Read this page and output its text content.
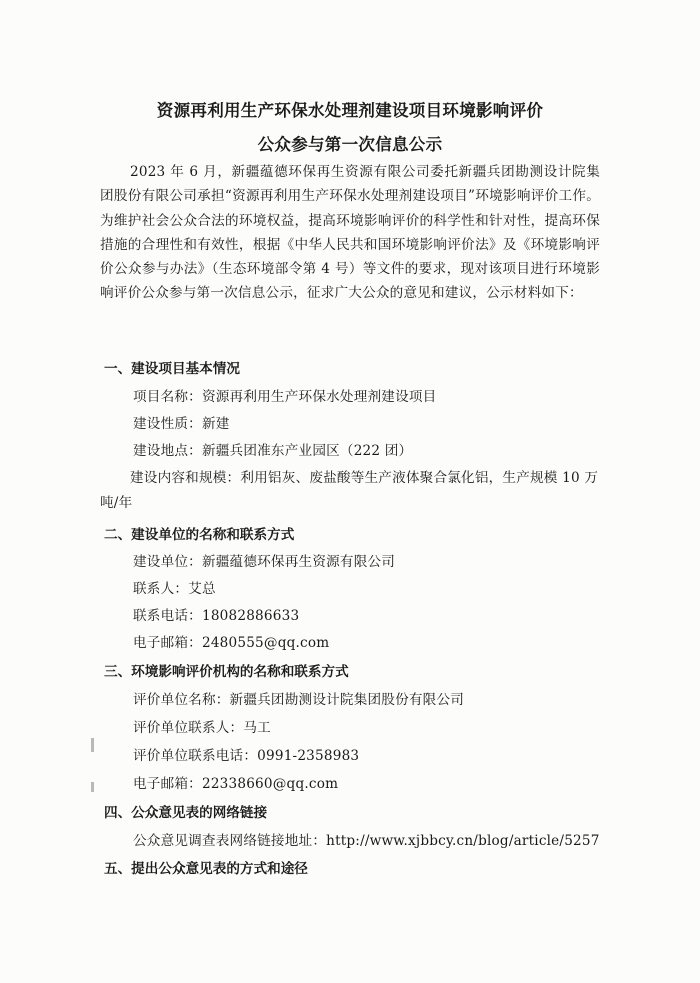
资源再利用生产环保水处理剂建设项目环境影响评价
公众参与第一次信息公示
2023 年 6 月，新疆蕴德环保再生资源有限公司委托新疆兵团勘测设计院集团股份有限公司承担“资源再利用生产环保水处理剂建设项目”环境影响评价工作。为维护社会公众合法的环境权益，提高环境影响评价的科学性和针对性，提高环保措施的合理性和有效性，根据《中华人民共和国环境影响评价法》及《环境影响评价公众参与办法》（生态环境部令第 4 号）等文件的要求，现对该项目进行环境影响评价公众参与第一次信息公示，征求广大公众的意见和建议，公示材料如下：
一、建设项目基本情况
项目名称：资源再利用生产环保水处理剂建设项目
建设性质：新建
建设地点：新疆兵团准东产业园区（222 团）
建设内容和规模：利用铝灰、废盐酸等生产液体聚合氯化铝，生产规模 10 万吨/年
二、建设单位的名称和联系方式
建设单位：新疆蕴德环保再生资源有限公司
联系人：艾总
联系电话：18082886633
电子邮箱：2480555@qq.com
三、环境影响评价机构的名称和联系方式
评价单位名称：新疆兵团勘测设计院集团股份有限公司
评价单位联系人：马工
评价单位联系电话：0991-2358983
电子邮箱：22338660@qq.com
四、公众意见表的网络链接
公众意见调查表网络链接地址：http://www.xjbbcy.cn/blog/article/5257
五、提出公众意见表的方式和途径
